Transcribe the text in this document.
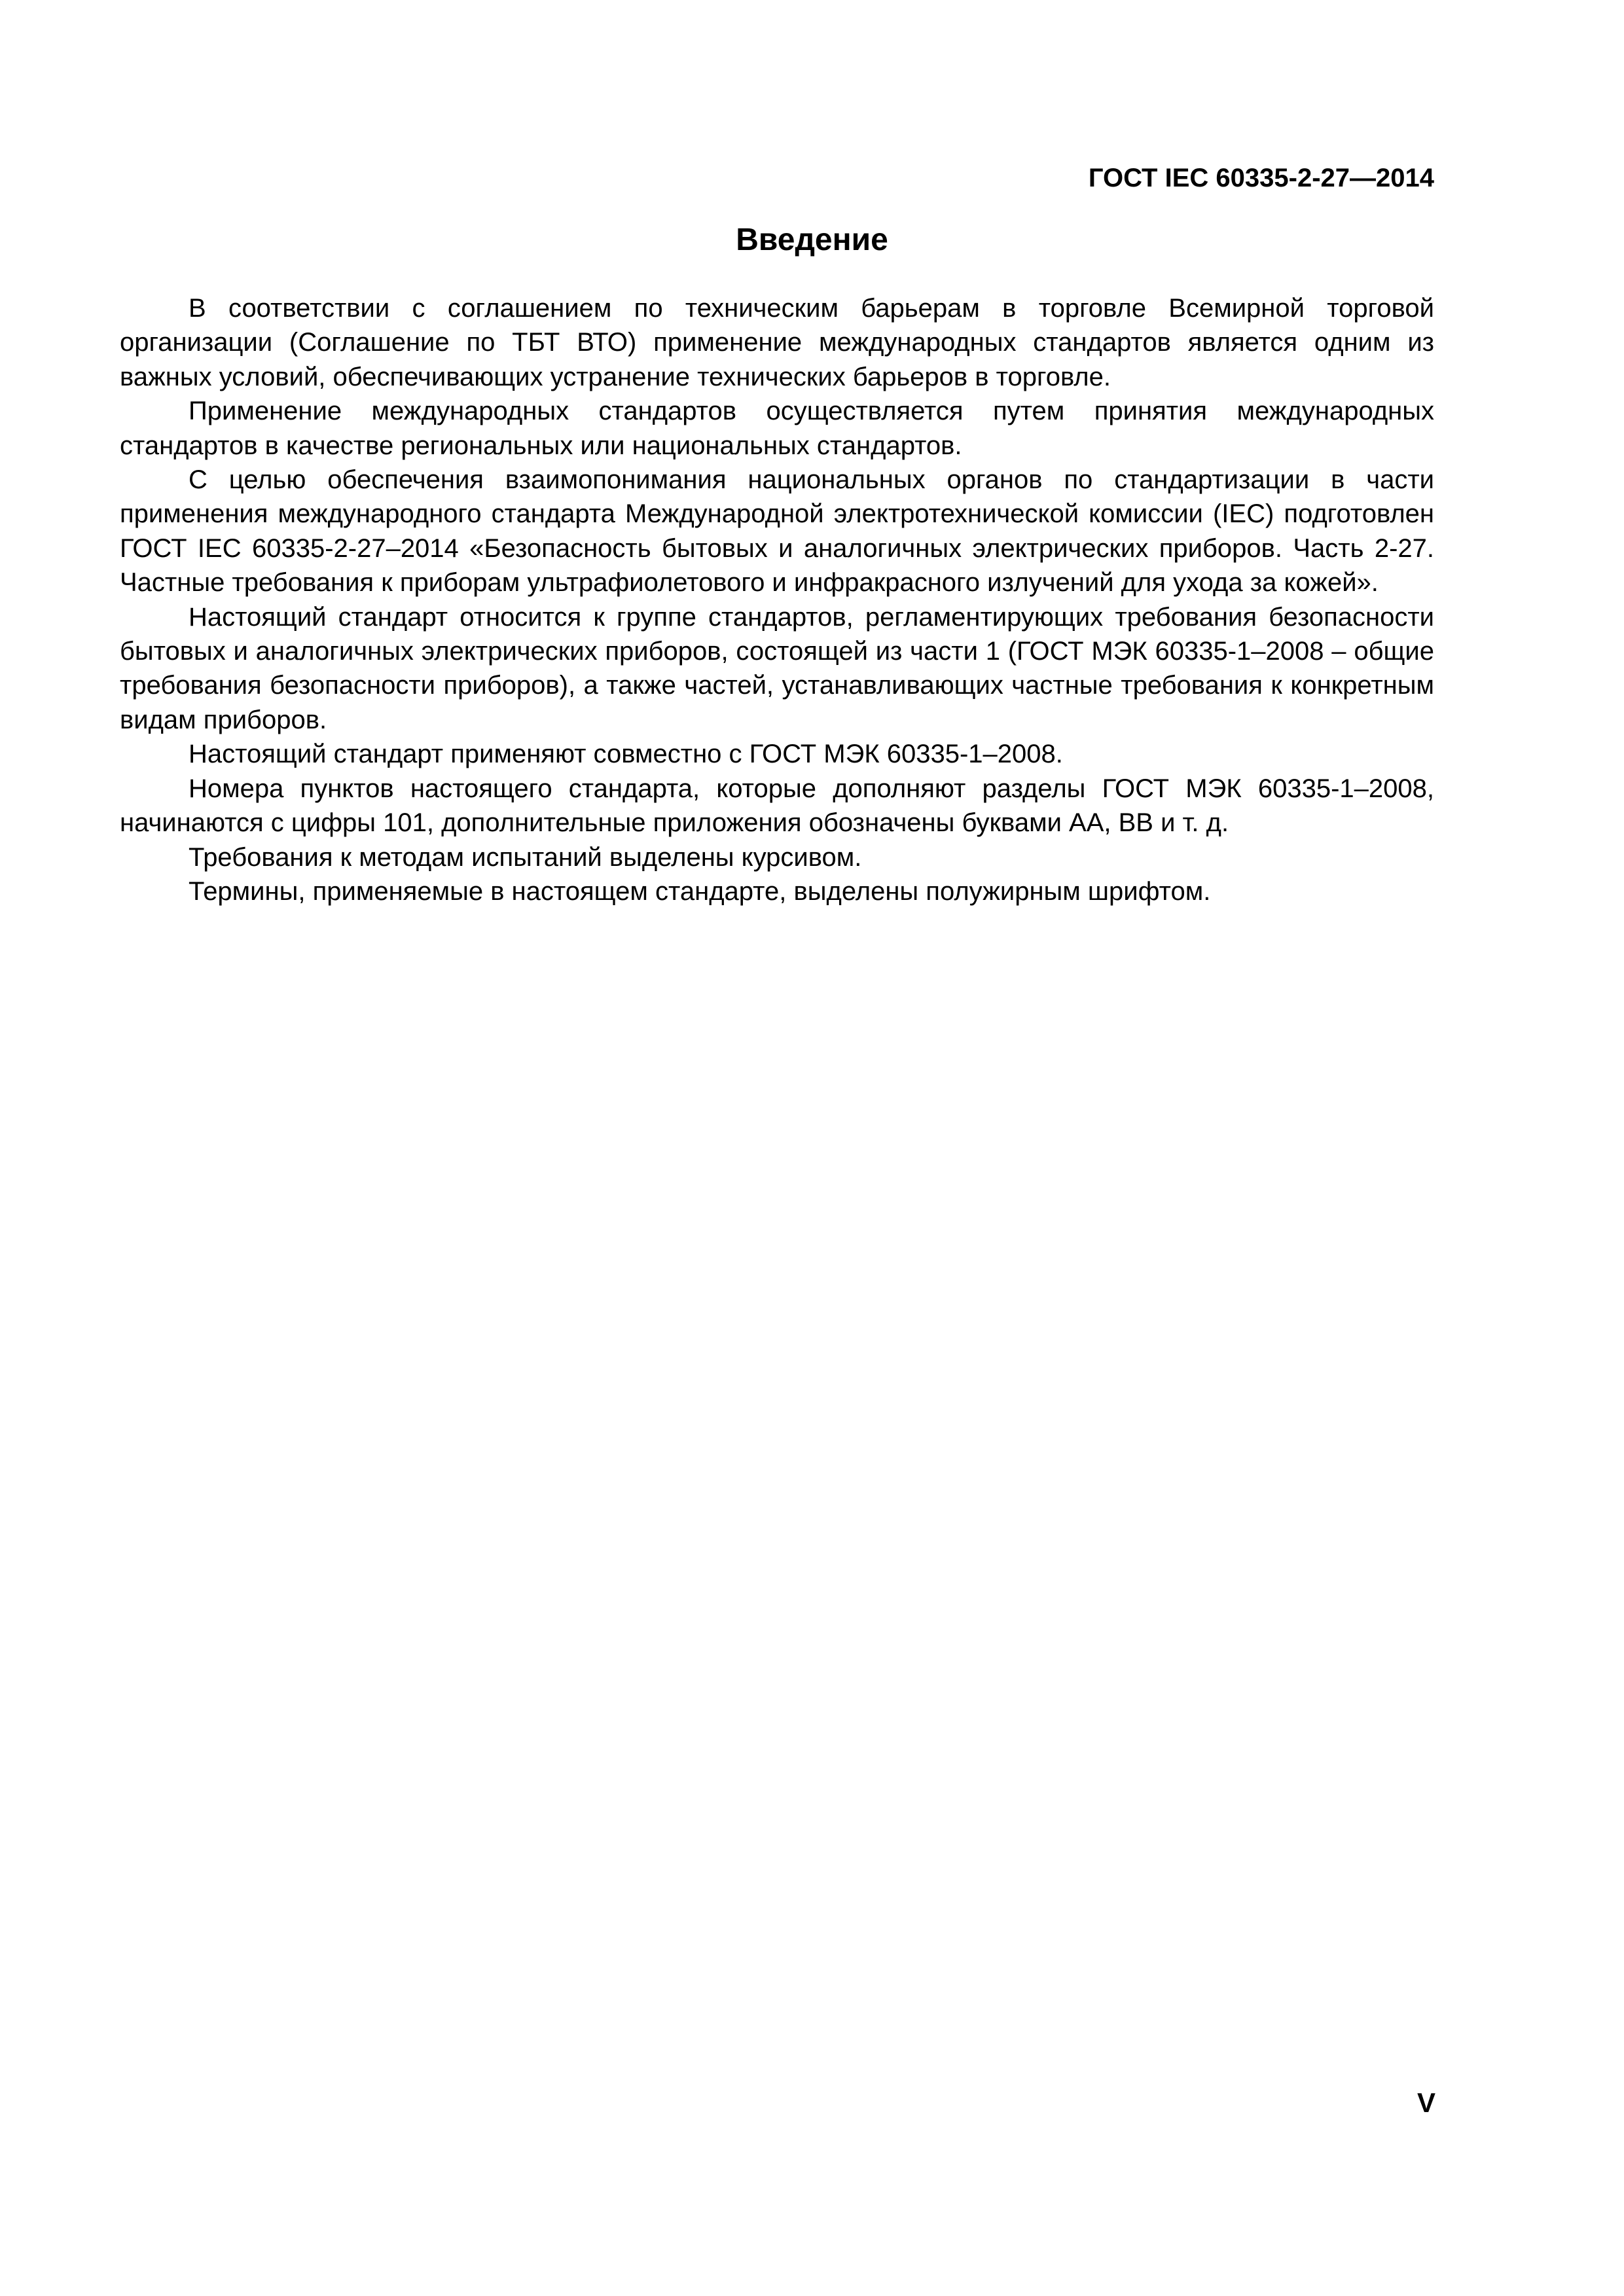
ГОСТ IEC 60335-2-27—2014
Введение

В соответствии с соглашением по техническим барьерам в торговле Всемирной торговой организации (Соглашение по ТБТ ВТО) применение международных стандартов является одним из важных условий, обеспечивающих устранение технических барьеров в торговле.

Применение международных стандартов осуществляется путем принятия международных стандартов в качестве региональных или национальных стандартов.

С целью обеспечения взаимопонимания национальных органов по стандартизации в части применения международного стандарта Международной электротехнической комиссии (IEC) подготовлен ГОСТ IEC 60335-2-27–2014 «Безопасность бытовых и аналогичных электрических приборов. Часть 2-27. Частные требования к приборам ультрафиолетового и инфракрасного излучений для ухода за кожей».

Настоящий стандарт относится к группе стандартов, регламентирующих требования безопасности бытовых и аналогичных электрических приборов, состоящей из части 1 (ГОСТ МЭК 60335-1–2008 – общие требования безопасности приборов), а также частей, устанавливающих частные требования к конкретным видам приборов.

Настоящий стандарт применяют совместно с ГОСТ МЭК 60335-1–2008.

Номера пунктов настоящего стандарта, которые дополняют разделы ГОСТ МЭК 60335-1–2008, начинаются с цифры 101, дополнительные приложения обозначены буквами АА, ВВ и т. д.

Требования к методам испытаний выделены курсивом.

Термины, применяемые в настоящем стандарте, выделены полужирным шрифтом.

V
